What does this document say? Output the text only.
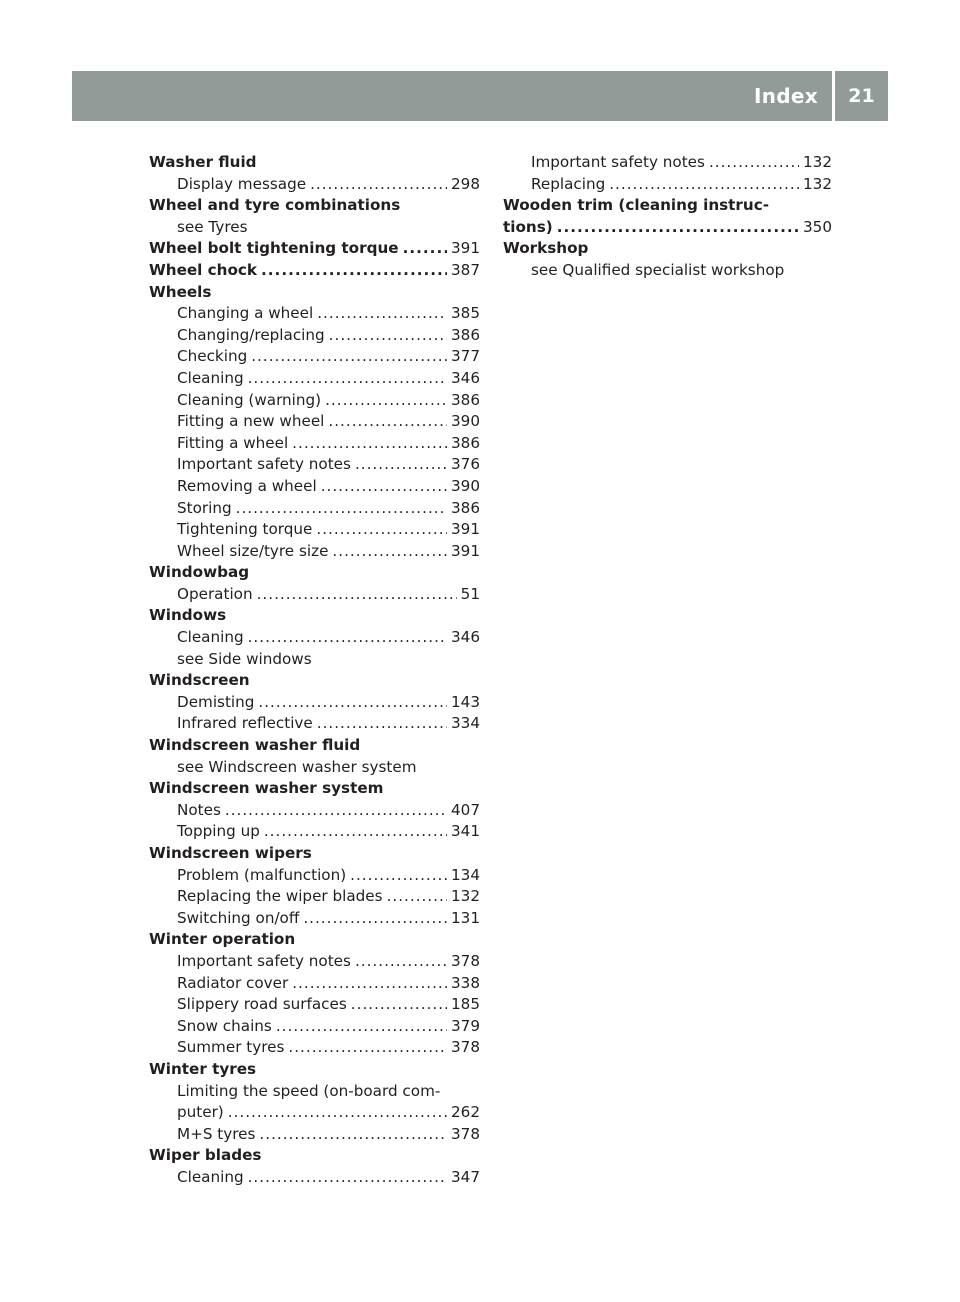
Index	21
Washer fluid
Display message .....	298
Wheel and tyre combinations
see Tyres
Wheel bolt tightening torque .....	391
Wheel chock .....	387
Wheels
Changing a wheel .....	385
Changing/replacing .....	386
Checking .....	377
Cleaning .....	346
Cleaning (warning) .....	386
Fitting a new wheel .....	390
Fitting a wheel .....	386
Important safety notes .....	376
Removing a wheel .....	390
Storing .....	386
Tightening torque .....	391
Wheel size/tyre size .....	391
Windowbag
Operation .....	51
Windows
Cleaning .....	346
see Side windows
Windscreen
Demisting .....	143
Infrared reflective .....	334
Windscreen washer fluid
see Windscreen washer system
Windscreen washer system
Notes .....	407
Topping up .....	341
Windscreen wipers
Problem (malfunction) .....	134
Replacing the wiper blades .....	132
Switching on/off .....	131
Winter operation
Important safety notes .....	378
Radiator cover .....	338
Slippery road surfaces .....	185
Snow chains .....	379
Summer tyres .....	378
Winter tyres
Limiting the speed (on-board com-
puter) .....	262
M+S tyres .....	378
Wiper blades
Cleaning .....	347
Important safety notes .....	132
Replacing .....	132
Wooden trim (cleaning instruc-
tions) .....	350
Workshop
see Qualified specialist workshop
